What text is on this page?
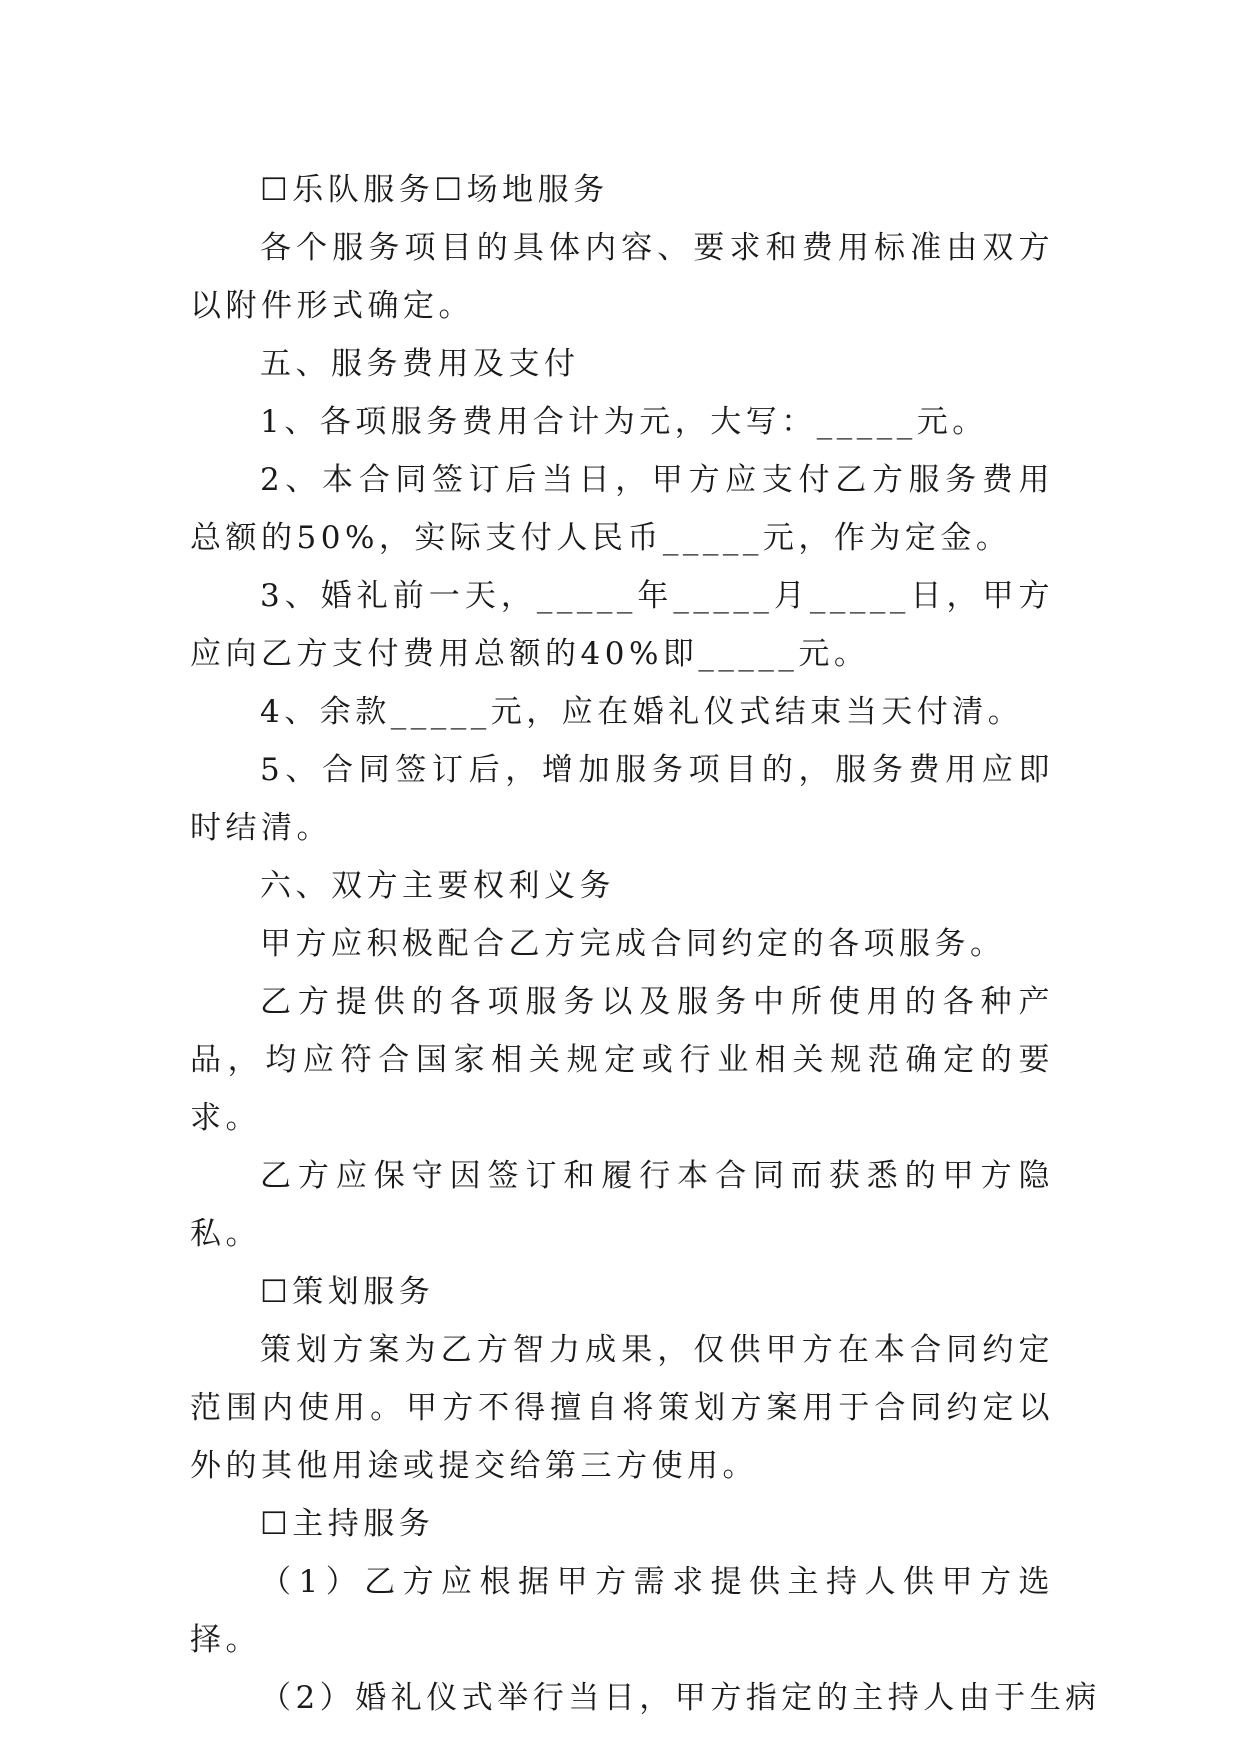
☐乐队服务☐场地服务

各个服务项目的具体内容、要求和费用标准由双方以附件形式确定。

五、服务费用及支付

1、各项服务费用合计为元，大写：_____元。

2、本合同签订后当日，甲方应支付乙方服务费用总额的50%，实际支付人民币_____元，作为定金。

3、婚礼前一天，_____年_____月_____日，甲方应向乙方支付费用总额的40%即_____元。

4、余款_____元，应在婚礼仪式结束当天付清。

5、合同签订后，增加服务项目的，服务费用应即时结清。

六、双方主要权利义务

甲方应积极配合乙方完成合同约定的各项服务。

乙方提供的各项服务以及服务中所使用的各种产品，均应符合国家相关规定或行业相关规范确定的要求。

乙方应保守因签订和履行本合同而获悉的甲方隐私。

☐策划服务

策划方案为乙方智力成果，仅供甲方在本合同约定范围内使用。甲方不得擅自将策划方案用于合同约定以外的其他用途或提交给第三方使用。

☐主持服务

（1）乙方应根据甲方需求提供主持人供甲方选择。

（2）婚礼仪式举行当日，甲方指定的主持人由于生病
